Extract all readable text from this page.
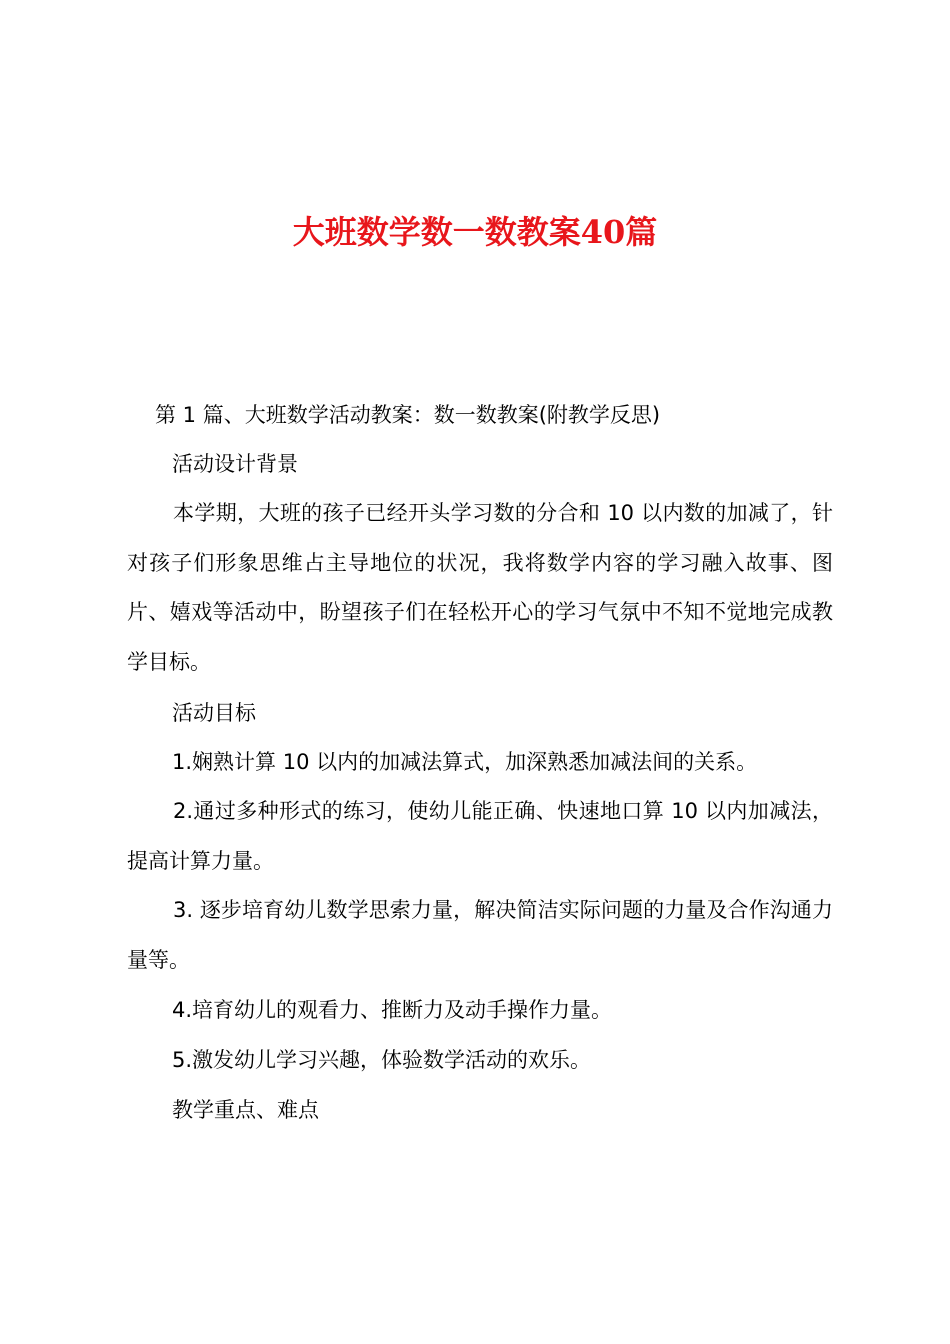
大班数学数一数教案40篇

第 1 篇、大班数学活动教案：数一数教案(附教学反思)

活动设计背景

本学期，大班的孩子已经开头学习数的分合和 10 以内数的加减了，针对孩子们形象思维占主导地位的状况，我将数学内容的学习融入故事、图片、嬉戏等活动中，盼望孩子们在轻松开心的学习气氛中不知不觉地完成教学目标。

活动目标

1.娴熟计算 10 以内的加减法算式，加深熟悉加减法间的关系。

2.通过多种形式的练习，使幼儿能正确、快速地口算 10 以内加减法，提高计算力量。

3. 逐步培育幼儿数学思索力量，解决简洁实际问题的力量及合作沟通力量等。

4.培育幼儿的观看力、推断力及动手操作力量。

5.激发幼儿学习兴趣，体验数学活动的欢乐。

教学重点、难点
